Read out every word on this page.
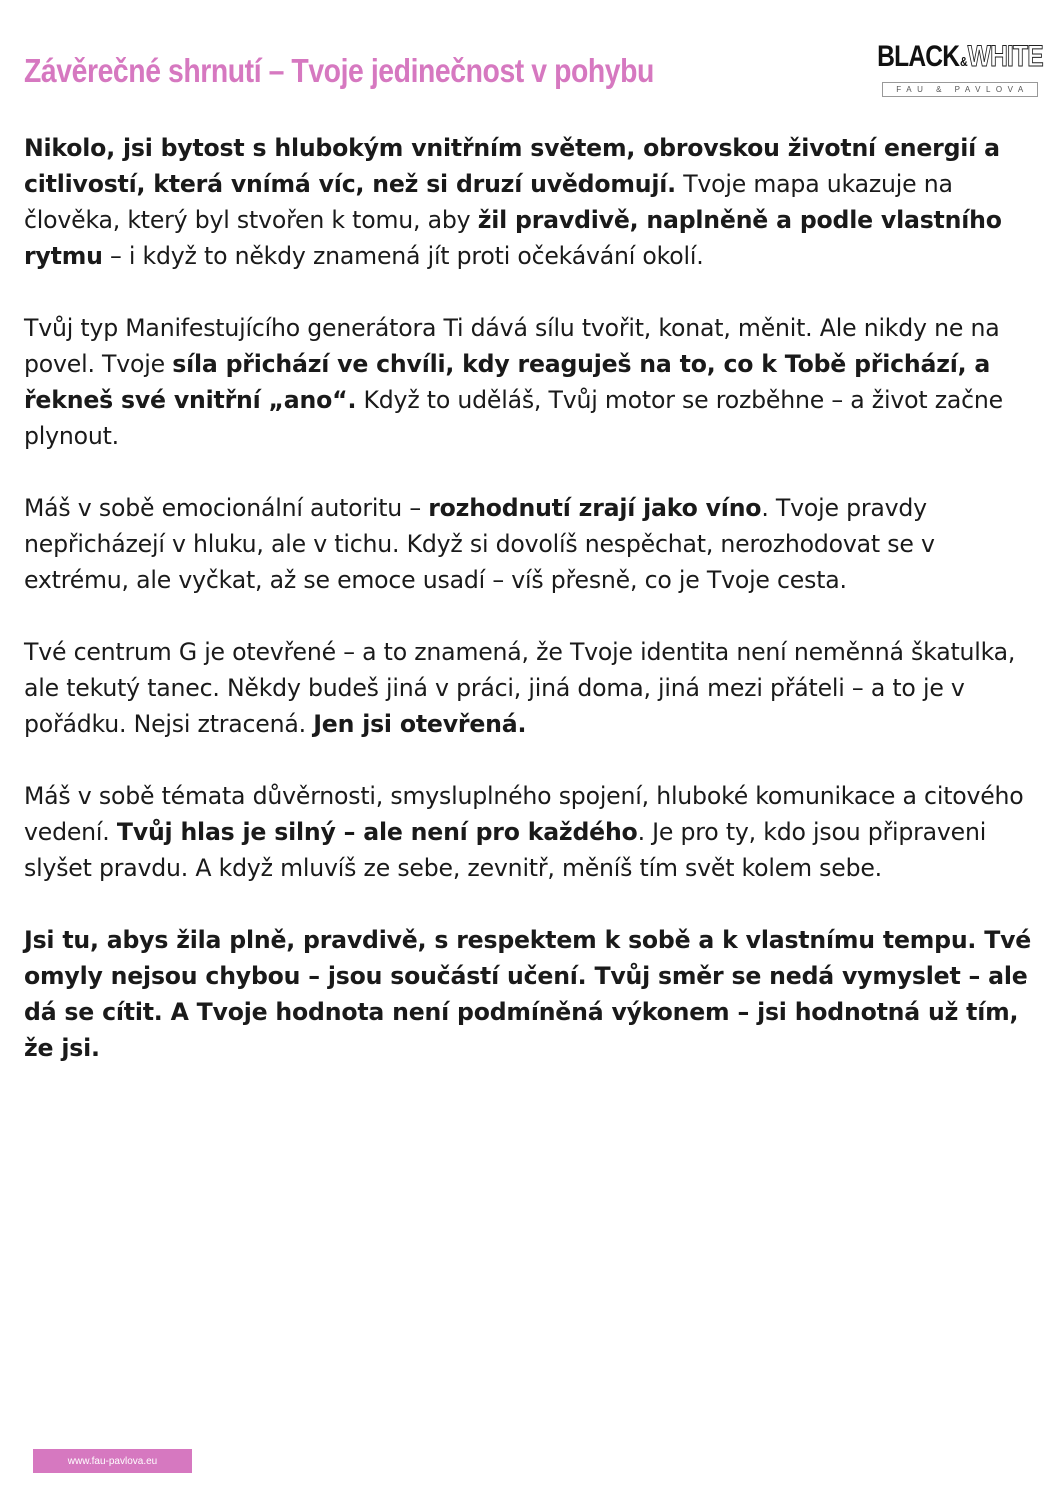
Závěrečné shrnutí – Tvoje jedinečnost v pohybu	BLACK & WHITE
FAU & PAVLOVA

Nikolo, jsi bytost s hlubokým vnitřním světem, obrovskou životní energií a citlivostí, která vnímá víc, než si druzí uvědomují. Tvoje mapa ukazuje na člověka, který byl stvořen k tomu, aby žil pravdivě, naplněně a podle vlastního rytmu – i když to někdy znamená jít proti očekávání okolí.

Tvůj typ Manifestujícího generátora Ti dává sílu tvořit, konat, měnit. Ale nikdy ne na povel. Tvoje síla přichází ve chvíli, kdy reaguješ na to, co k Tobě přichází, a řekneš své vnitřní „ano“. Když to uděláš, Tvůj motor se rozběhne – a život začne plynout.

Máš v sobě emocionální autoritu – rozhodnutí zrají jako víno. Tvoje pravdy nepřicházejí v hluku, ale v tichu. Když si dovolíš nespěchat, nerozhodovat se v extrému, ale vyčkat, až se emoce usadí – víš přesně, co je Tvoje cesta.

Tvé centrum G je otevřené – a to znamená, že Tvoje identita není neměnná škatulka, ale tekutý tanec. Někdy budeš jiná v práci, jiná doma, jiná mezi přáteli – a to je v pořádku. Nejsi ztracená. Jen jsi otevřená.

Máš v sobě témata důvěrnosti, smysluplného spojení, hluboké komunikace a citového vedení. Tvůj hlas je silný – ale není pro každého. Je pro ty, kdo jsou připraveni slyšet pravdu. A když mluvíš ze sebe, zevnitř, měníš tím svět kolem sebe.

Jsi tu, abys žila plně, pravdivě, s respektem k sobě a k vlastnímu tempu. Tvé omyly nejsou chybou – jsou součástí učení. Tvůj směr se nedá vymyslet – ale dá se cítit. A Tvoje hodnota není podmíněná výkonem – jsi hodnotná už tím, že jsi.

www.fau-pavlova.eu
